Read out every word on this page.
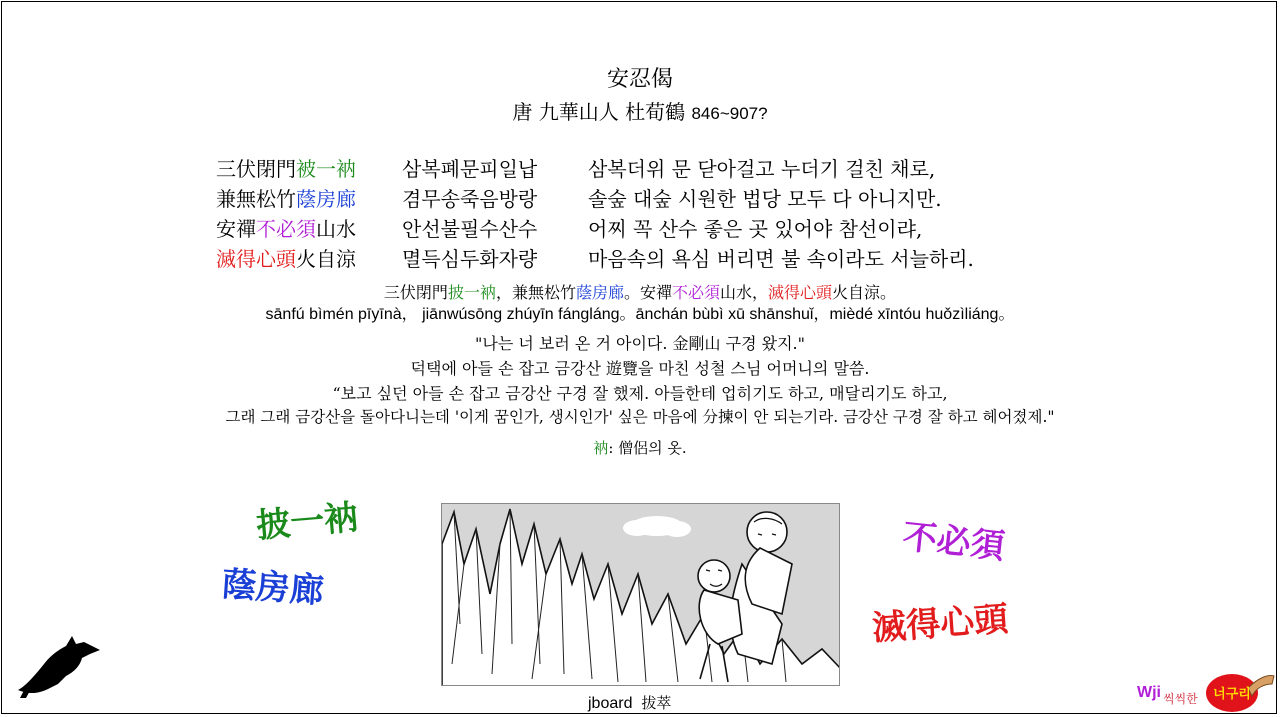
安忍偈
唐 九華山人 杜荀鶴 846~907?
三伏閉門被一衲 삼복폐문피일납	삼복더위 문 닫아걸고 누더기 걸친 채로,
兼無松竹蔭房廊 겸무송죽음방랑	솔숲 대숲 시원한 법당 모두 다 아니지만.
安禪不必須山水 안선불필수산수	어찌 꼭 산수 좋은 곳 있어야 참선이랴,
滅得心頭火自涼 멸득심두화자량	마음속의 욕심 버리면 불 속이라도 서늘하리.
三伏閉門披一衲，兼無松竹蔭房廊。安禪不必須山水，滅得心頭火自涼。
sānfú bìmén pīyīnà， jiānwúsōng zhúyīn fángláng。ānchán bùbì xū shānshuǐ，mièdé xīntóu huǒzìliáng。
"나는 너 보러 온 거 아이다. 金剛山 구경 왔지."
덕택에 아들 손 잡고 금강산 遊覽을 마친 성철 스님 어머니의 말씀.
“보고 싶던 아들 손 잡고 금강산 구경 잘 했제. 아들한테 업히기도 하고, 매달리기도 하고,
그래 그래 금강산을 돌아다니는데 '이게 꿈인가, 생시인가' 싶은 마음에 分揀이 안 되는기라. 금강산 구경 잘 하고 헤어졌제."
衲: 僧侶의 옷.
披一衲
蔭房廊
不必須
滅得心頭
jboard 拔萃
Wji 씩씩한 너구리
